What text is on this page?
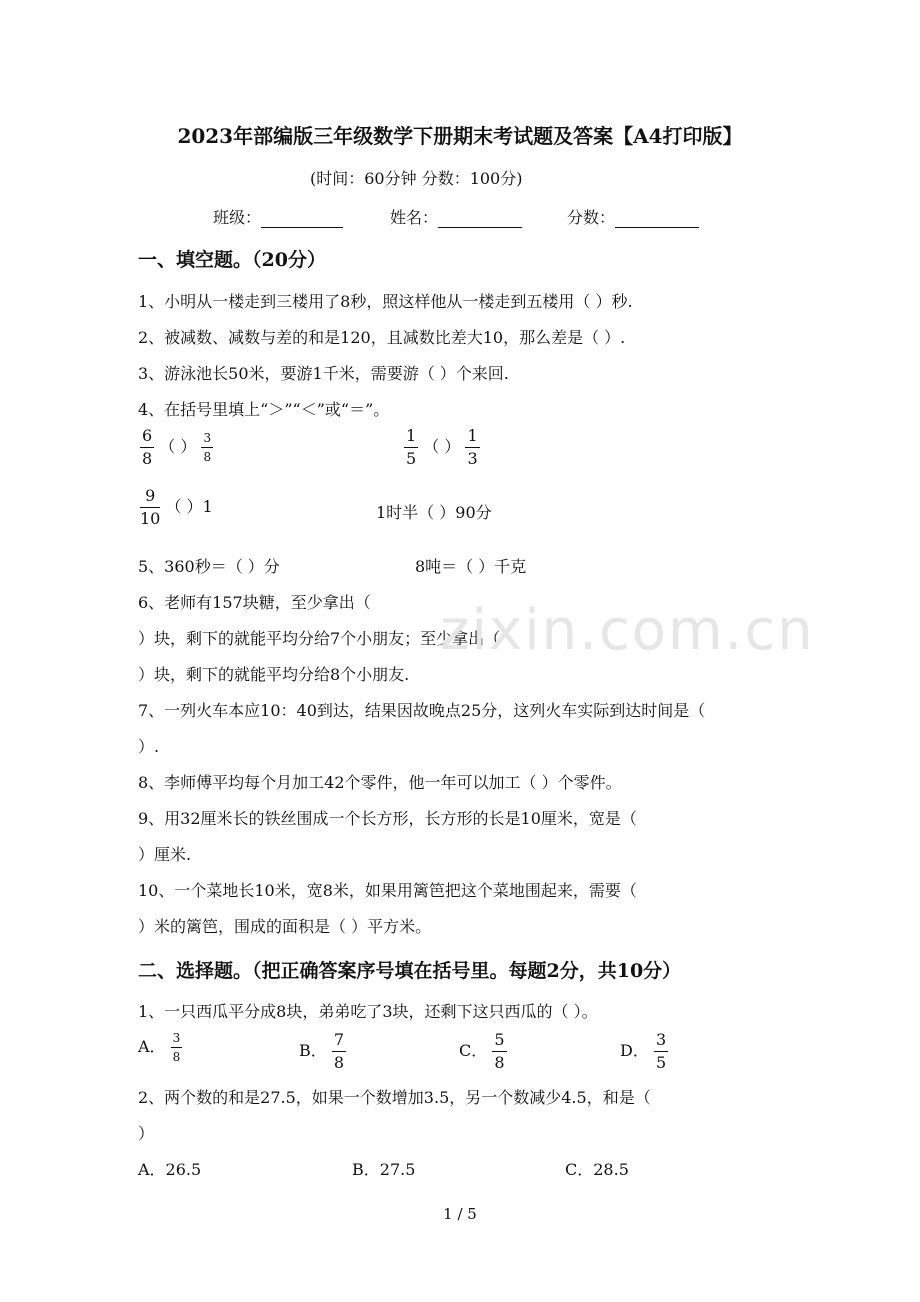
2023年部编版三年级数学下册期末考试题及答案【A4打印版】
(时间：60分钟 分数：100分)
班级：	姓名：	分数：
一、填空题。（20分）
1、小明从一楼走到三楼用了8秒，照这样他从一楼走到五楼用（ ）秒.
2、被减数、减数与差的和是120，且减数比差大10，那么差是（ ）.
3、游泳池长50米，要游1千米，需要游（ ）个来回.
4、在括号里填上“＞”“＜”或“＝”。
$\frac{6}{8}$ （ ） $\frac{3}{8}$	$\frac{1}{5}$ （ ） $\frac{1}{3}$
$\frac{9}{10}$ （ ）1	1时半（ ）90分
5、360秒＝（ ）分	8吨＝（ ）千克
6、老师有157块糖，至少拿出（
）块，剩下的就能平均分给7个小朋友；至少拿出（
）块，剩下的就能平均分给8个小朋友.
7、一列火车本应10：40到达，结果因故晚点25分，这列火车实际到达时间是（
）.
8、李师傅平均每个月加工42个零件，他一年可以加工（ ）个零件。
9、用32厘米长的铁丝围成一个长方形，长方形的长是10厘米，宽是（
）厘米.
10、一个菜地长10米，宽8米，如果用篱笆把这个菜地围起来，需要（
）米的篱笆，围成的面积是（ ）平方米。
二、选择题。（把正确答案序号填在括号里。每题2分，共10分）
1、一只西瓜平分成8块，弟弟吃了3块，还剩下这只西瓜的（ ）。
A． $\frac{3}{8}$	B． $\frac{7}{8}$	C． $\frac{5}{8}$	D． $\frac{3}{5}$
2、两个数的和是27.5，如果一个数增加3.5，另一个数减少4.5，和是（
）
A．26.5	B．27.5	C．28.5
zixin.com.cn
1 / 5
